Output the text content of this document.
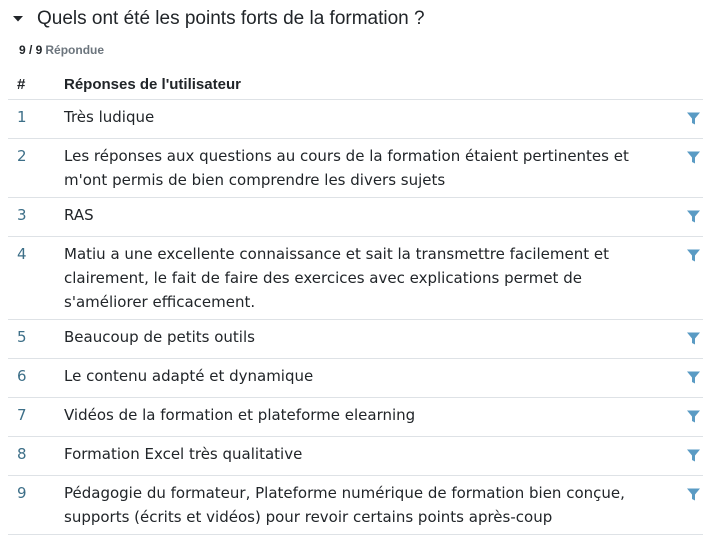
Quels ont été les points forts de la formation ?
9 / 9 Répondue
#	Réponses de l'utilisateur	
1	Très ludique	
2	Les réponses aux questions au cours de la formation étaient pertinentes et m'ont permis de bien comprendre les divers sujets	
3	RAS	
4	Matiu a une excellente connaissance et sait la transmettre facilement et clairement, le fait de faire des exercices avec explications permet de s'améliorer efficacement.	
5	Beaucoup de petits outils	
6	Le contenu adapté et dynamique	
7	Vidéos de la formation et plateforme elearning	
8	Formation Excel très qualitative	
9	Pédagogie du formateur, Plateforme numérique de formation bien conçue, supports (écrits et vidéos) pour revoir certains points après-coup	
